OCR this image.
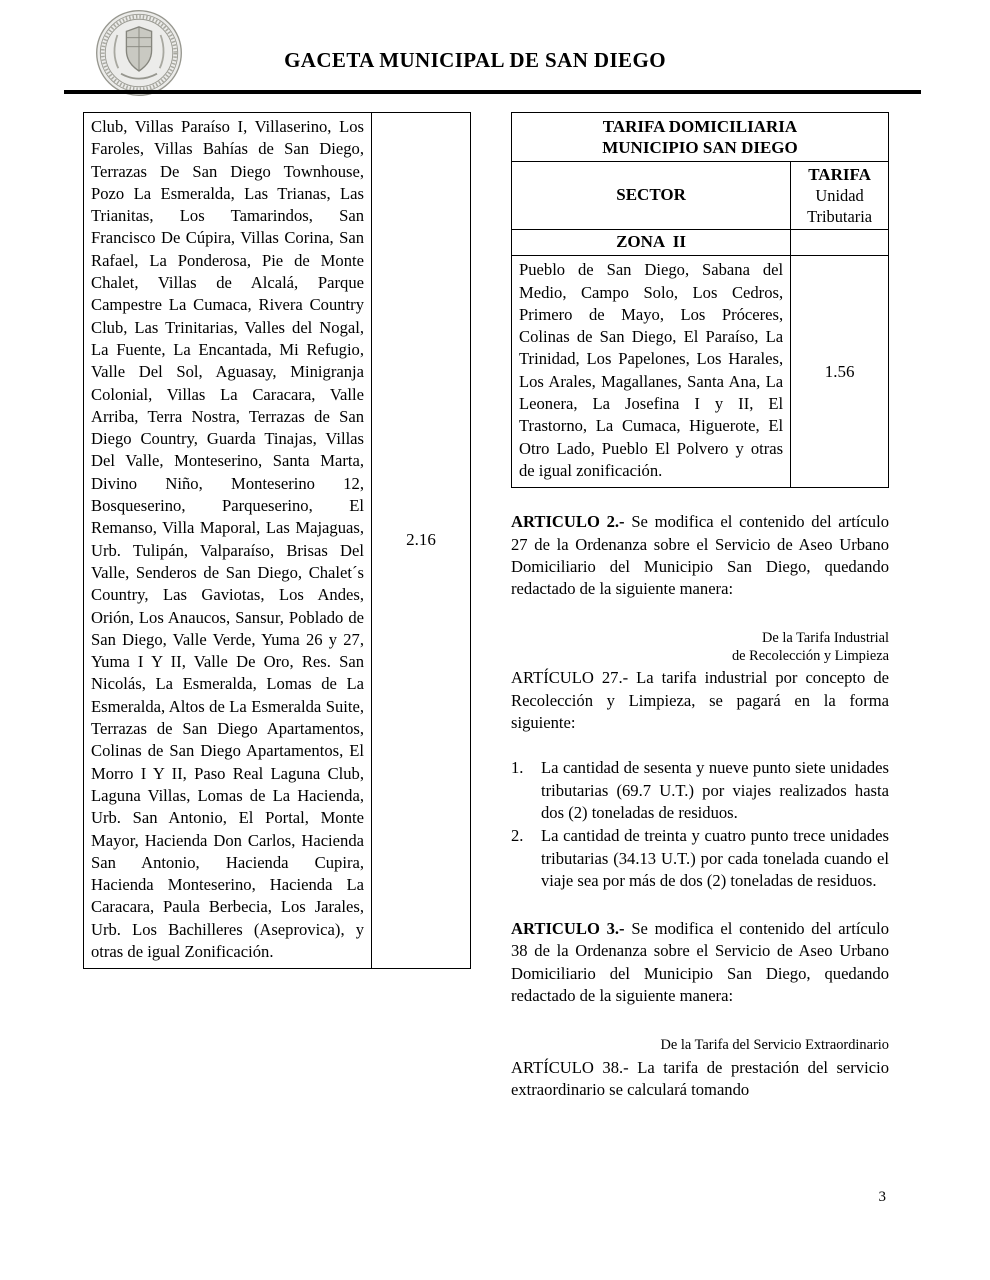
GACETA MUNICIPAL DE SAN DIEGO
Club, Villas Paraíso I, Villaserino, Los Faroles, Villas Bahías de San Diego, Terrazas De San Diego Townhouse, Pozo La Esmeralda, Las Trianas, Las Trianitas, Los Tamarindos, San Francisco De Cúpira, Villas Corina, San Rafael, La Ponderosa, Pie de Monte Chalet, Villas de Alcalá, Parque Campestre La Cumaca, Rivera Country Club, Las Trinitarias, Valles del Nogal, La Fuente, La Encantada, Mi Refugio, Valle Del Sol, Aguasay, Minigranja Colonial, Villas La Caracara, Valle Arriba, Terra Nostra, Terrazas de San Diego Country, Guarda Tinajas, Villas Del Valle, Monteserino, Santa Marta, Divino Niño, Monteserino 12, Bosqueserino, Parqueserino, El Remanso, Villa Maporal, Las Majaguas, Urb. Tulipán, Valparaíso, Brisas Del Valle, Senderos de San Diego, Chalet´s Country, Las Gaviotas, Los Andes, Orión, Los Anaucos, Sansur, Poblado de San Diego, Valle Verde, Yuma 26 y 27, Yuma I Y II, Valle De Oro, Res. San Nicolás, La Esmeralda, Lomas de La Esmeralda, Altos de La Esmeralda Suite, Terrazas de San Diego Apartamentos, Colinas de San Diego Apartamentos, El Morro I Y II, Paso Real Laguna Club, Laguna Villas, Lomas de La Hacienda, Urb. San Antonio, El Portal, Monte Mayor, Hacienda Don Carlos, Hacienda San Antonio, Hacienda Cupira, Hacienda Monteserino, Hacienda La Caracara, Paula Berbecia, Los Jarales, Urb. Los Bachilleres (Aseprovica), y otras de igual Zonificación.	2.16
TARIFA DOMICILIARIA
MUNICIPIO SAN DIEGO	
SECTOR	TARIFA
Unidad
Tributaria
ZONA  II	
Pueblo de San Diego, Sabana del Medio, Campo Solo, Los Cedros, Primero de Mayo, Los Próceres, Colinas de San Diego, El Paraíso, La Trinidad, Los Papelones, Los Harales, Los Arales, Magallanes, Santa Ana, La Leonera, La Josefina I y II, El Trastorno, La Cumaca, Higuerote, El Otro Lado, Pueblo El Polvero y otras de igual zonificación.	1.56

ARTICULO 2.- Se modifica el contenido del artículo 27 de la Ordenanza sobre el Servicio de Aseo Urbano Domiciliario del Municipio San Diego, quedando redactado de la siguiente manera:

De la Tarifa Industrial
de Recolección y Limpieza

ARTÍCULO 27.- La tarifa industrial por concepto de Recolección y Limpieza, se pagará en la forma siguiente:

1.	La cantidad de sesenta y nueve punto siete unidades tributarias (69.7 U.T.) por viajes realizados hasta dos (2) toneladas de residuos.
2.	La cantidad de treinta y cuatro punto trece unidades tributarias (34.13 U.T.) por cada tonelada cuando el viaje sea por más de dos (2) toneladas de residuos.

ARTICULO 3.- Se modifica el contenido del artículo 38 de la Ordenanza sobre el Servicio de Aseo Urbano Domiciliario del Municipio San Diego, quedando redactado de la siguiente manera:

De la Tarifa del Servicio Extraordinario

ARTÍCULO 38.- La tarifa de prestación del servicio extraordinario se calculará tomando

3
